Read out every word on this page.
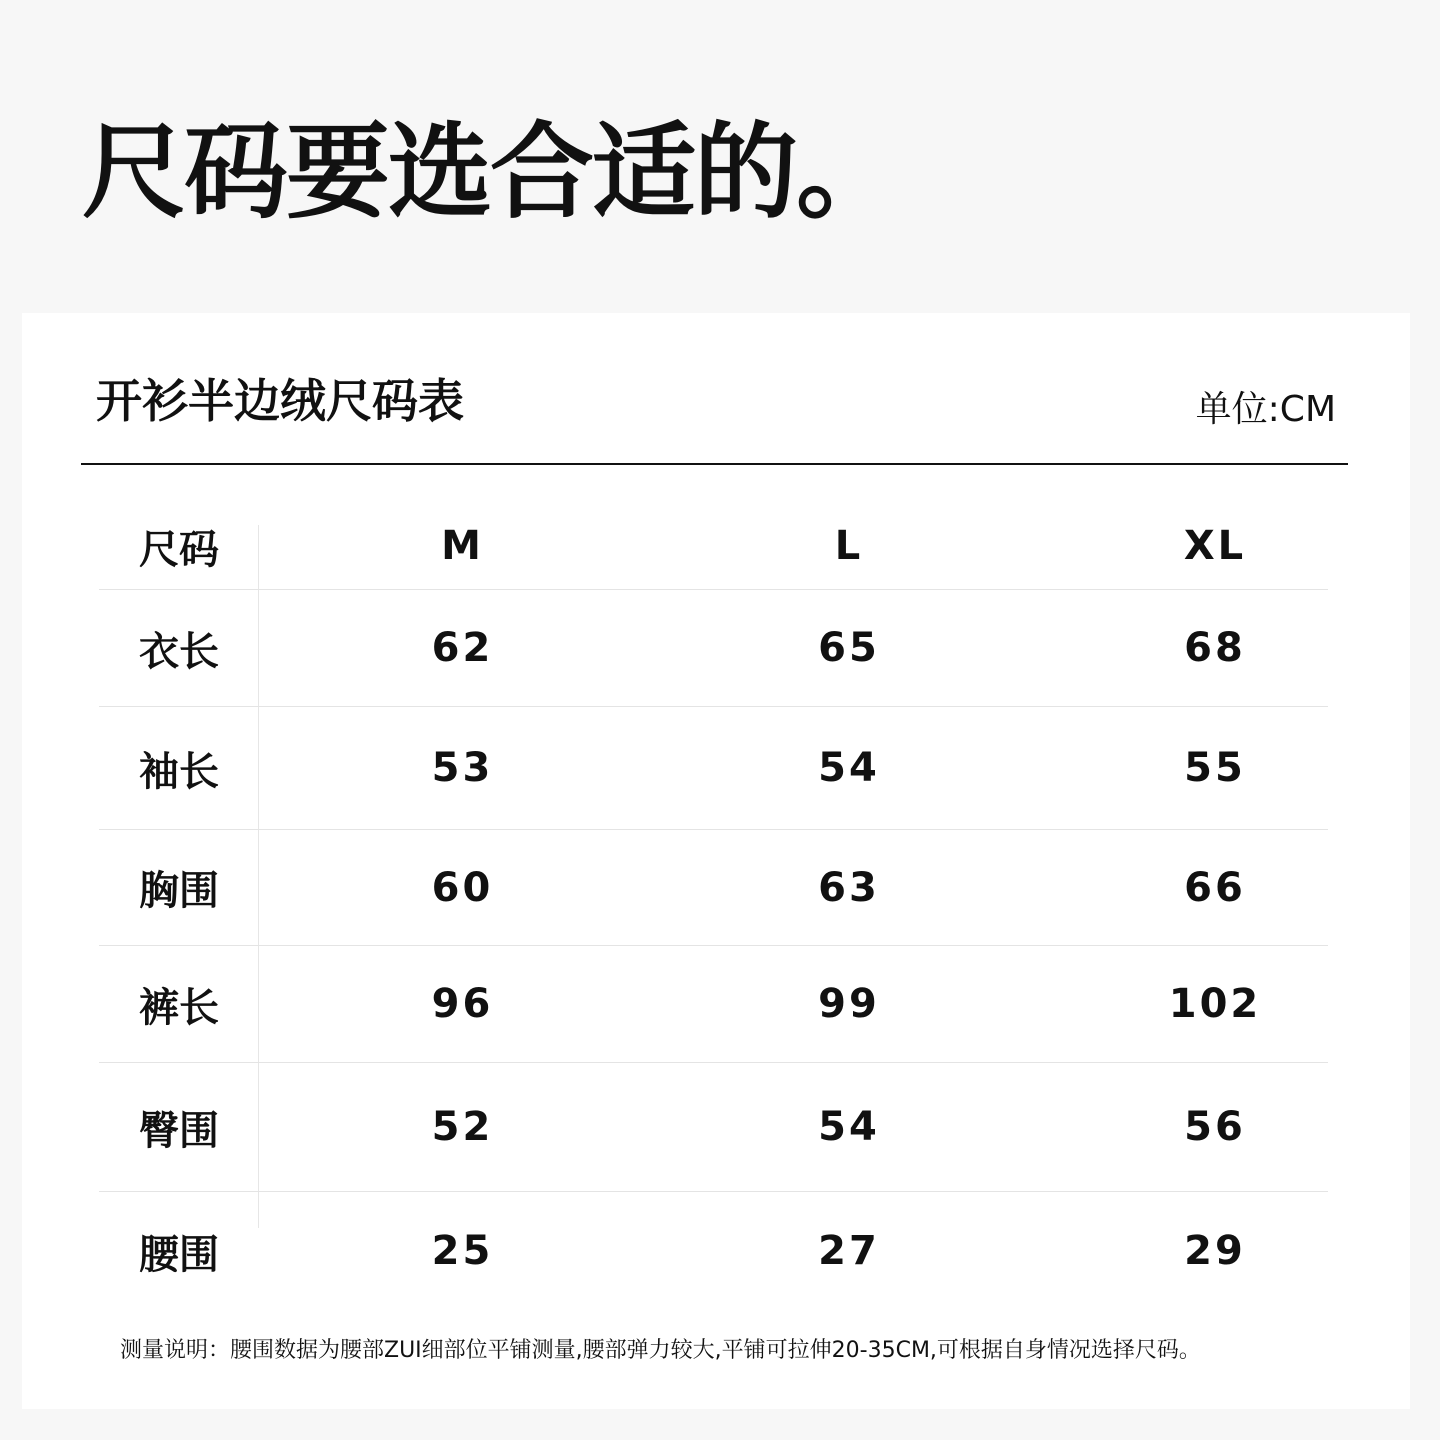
尺码要选合适的。
开衫半边绒尺码表	单位:CM
尺码	M	L	XL
衣长	62	65	68
袖长	53	54	55
胸围	60	63	66
裤长	96	99	102
臀围	52	54	56
腰围	25	27	29
测量说明：腰围数据为腰部ZUI细部位平铺测量,腰部弹力较大,平铺可拉伸20-35CM,可根据自身情况选择尺码。
